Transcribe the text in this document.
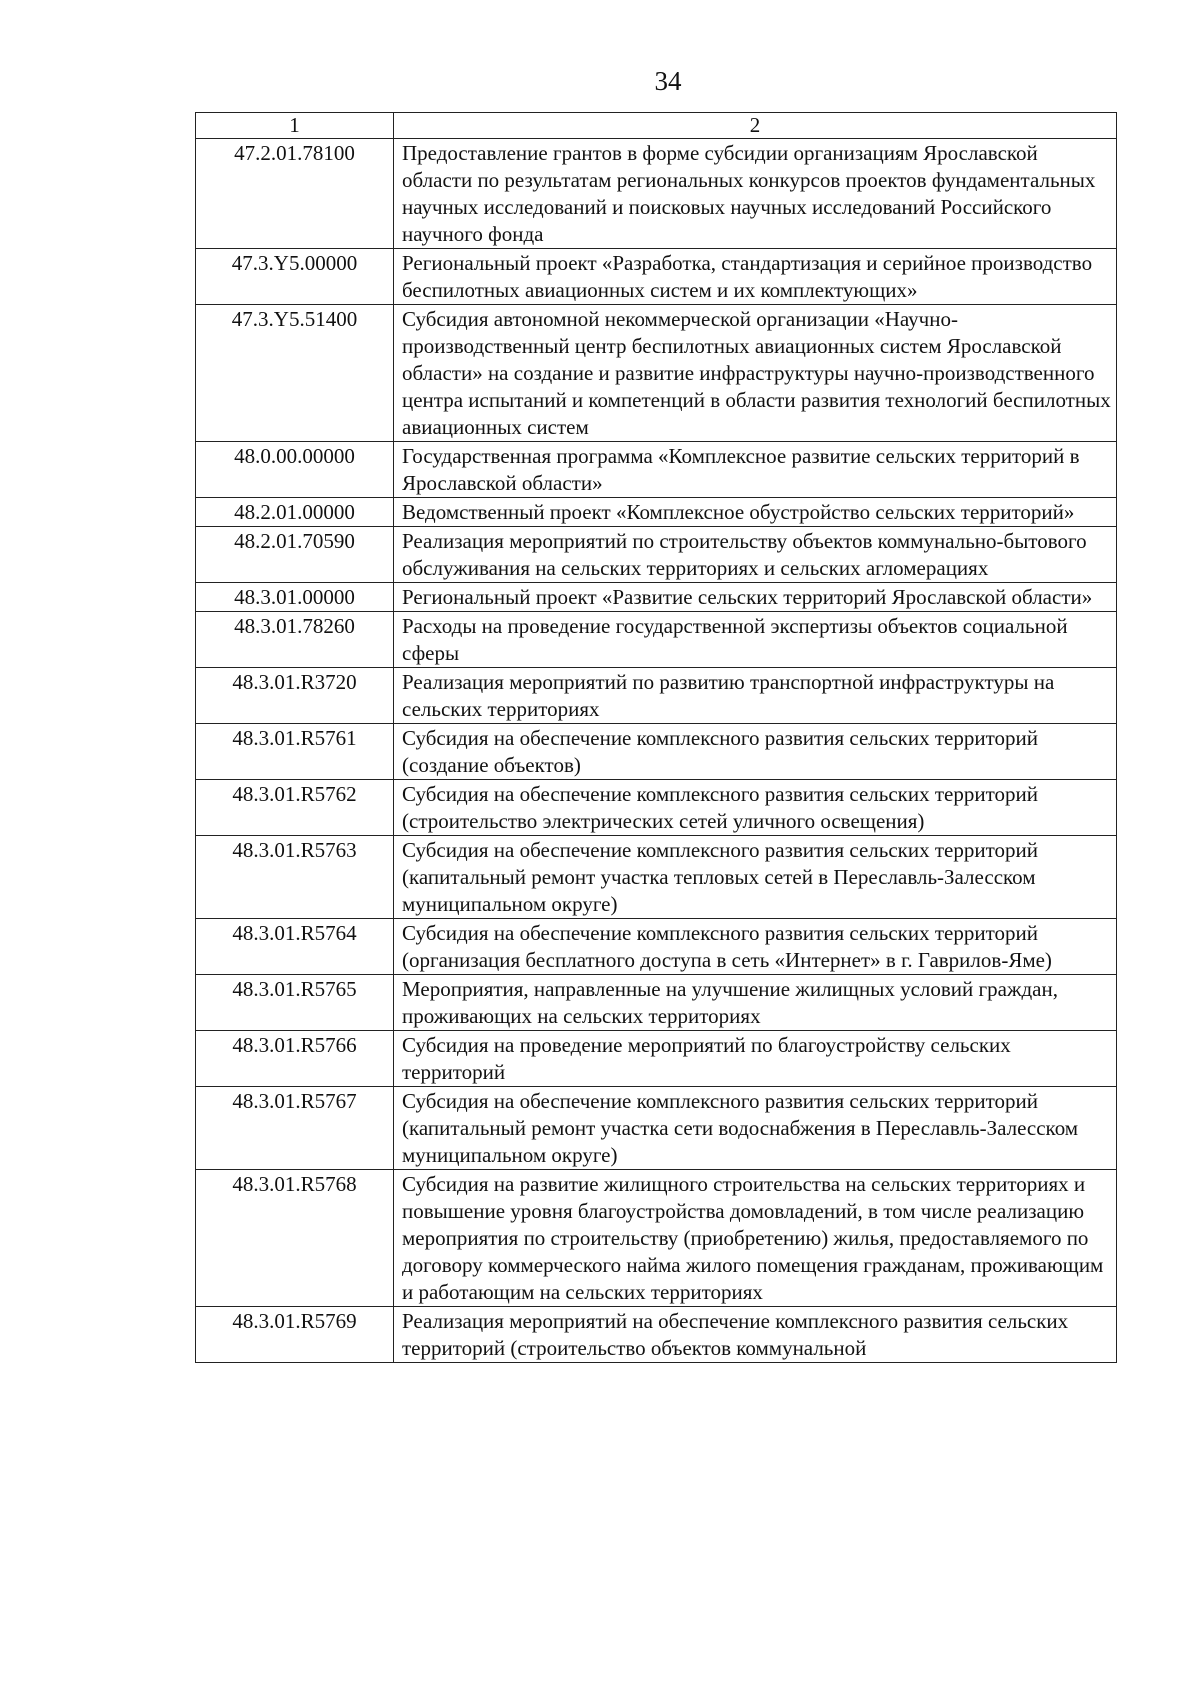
34
1	2
47.2.01.78100	Предоставление грантов в форме субсидии организациям Ярославской области по результатам региональных конкурсов проектов фундаментальных научных исследований и поисковых научных исследований Российского научного фонда
47.3.Y5.00000	Региональный проект «Разработка, стандартизация и серийное производство беспилотных авиационных систем и их комплектующих»
47.3.Y5.51400	Субсидия автономной некоммерческой организации «Научно-производственный центр беспилотных авиационных систем Ярославской области» на создание и развитие инфраструктуры научно-производственного центра испытаний и компетенций в области развития технологий беспилотных авиационных систем
48.0.00.00000	Государственная программа «Комплексное развитие сельских территорий в Ярославской области»
48.2.01.00000	Ведомственный проект «Комплексное обустройство сельских территорий»
48.2.01.70590	Реализация мероприятий по строительству объектов коммунально-бытового обслуживания на сельских территориях и сельских агломерациях
48.3.01.00000	Региональный проект «Развитие сельских территорий Ярославской области»
48.3.01.78260	Расходы на проведение государственной экспертизы объектов социальной сферы
48.3.01.R3720	Реализация мероприятий по развитию транспортной инфраструктуры на сельских территориях
48.3.01.R5761	Субсидия на обеспечение комплексного развития сельских территорий (создание объектов)
48.3.01.R5762	Субсидия на обеспечение комплексного развития сельских территорий (строительство электрических сетей уличного освещения)
48.3.01.R5763	Субсидия на обеспечение комплексного развития сельских территорий (капитальный ремонт участка тепловых сетей в Переславль-Залесском муниципальном округе)
48.3.01.R5764	Субсидия на обеспечение комплексного развития сельских территорий (организация бесплатного доступа в сеть «Интернет» в г. Гаврилов-Яме)
48.3.01.R5765	Мероприятия, направленные на улучшение жилищных условий граждан, проживающих на сельских территориях
48.3.01.R5766	Субсидия на проведение мероприятий по благоустройству сельских территорий
48.3.01.R5767	Субсидия на обеспечение комплексного развития сельских территорий (капитальный ремонт участка сети водоснабжения в Переславль-Залесском муниципальном округе)
48.3.01.R5768	Субсидия на развитие жилищного строительства на сельских территориях и повышение уровня благоустройства домовладений, в том числе реализацию мероприятия по строительству (приобретению) жилья, предоставляемого по договору коммерческого найма жилого помещения гражданам, проживающим и работающим на сельских территориях
48.3.01.R5769	Реализация мероприятий на обеспечение комплексного развития сельских территорий (строительство объектов коммунальной
